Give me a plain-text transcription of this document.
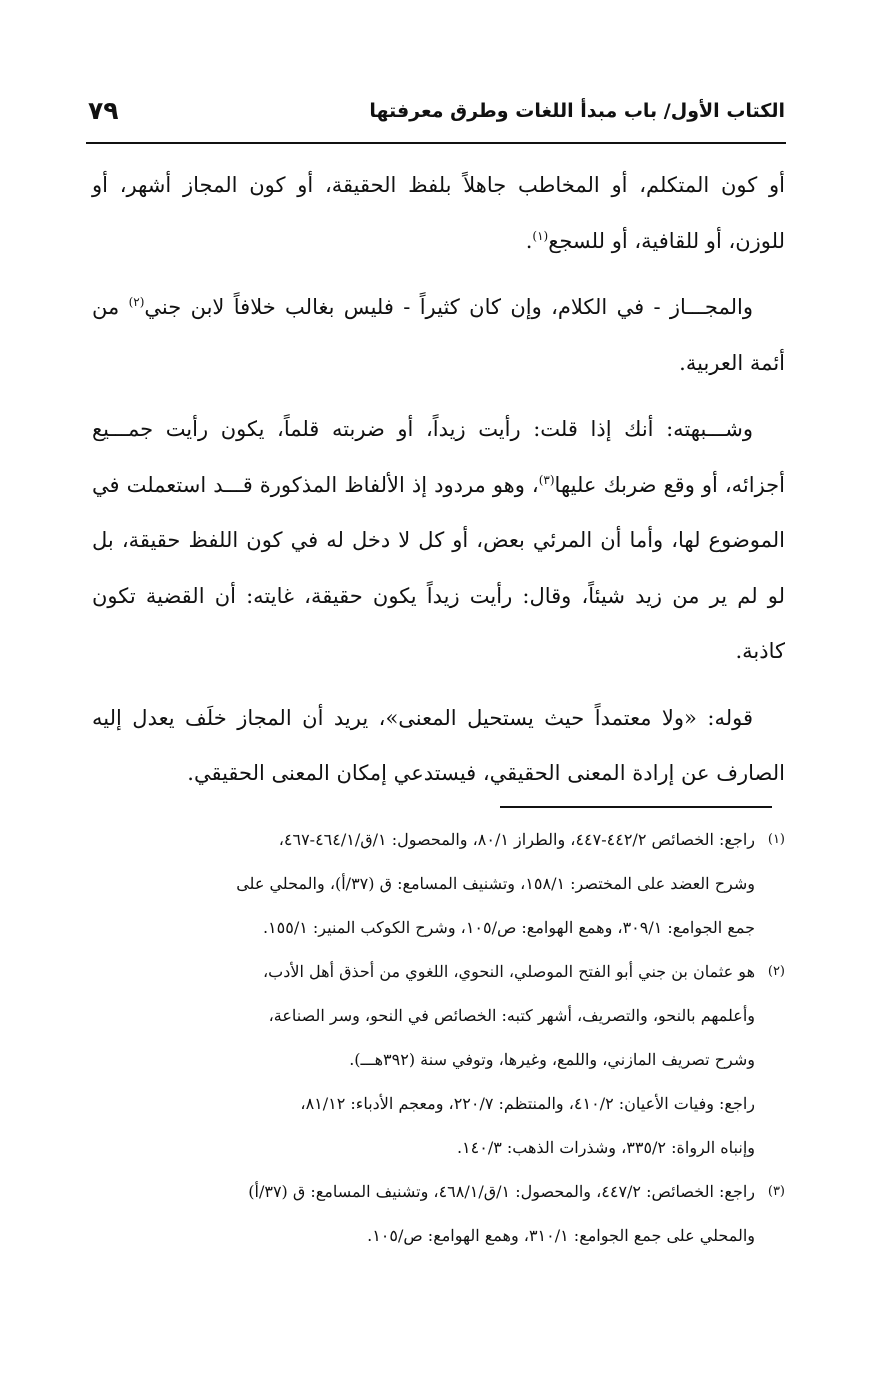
الكتاب الأول/ باب مبدأ اللغات وطرق معرفتها
٧٩

أو كون المتكلم، أو المخاطب جاهلاً بلفظ الحقيقة، أو كون المجاز أشهر، أو للوزن، أو للقافية، أو للسجع$^{(١)}$.

والمجـــاز - في الكلام، وإن كان كثيراً - فليس بغالب خلافاً لابن جني$^{(٢)}$ من أئمة العربية.

وشـــبهته: أنك إذا قلت: رأيت زيداً، أو ضربته قلماً، يكون رأيت جمـــيع أجزائه، أو وقع ضربك عليها$^{(٣)}$، وهو مردود إذ الألفاظ المذكورة قـــد استعملت في الموضوع لها، وأما أن المرئي بعض، أو كل لا دخل له في كون اللفظ حقيقة، بل لو لم ير من زيد شيئاً، وقال: رأيت زيداً يكون حقيقة، غايته: أن القضية تكون كاذبة.

قوله: «ولا معتمداً حيث يستحيل المعنى»، يريد أن المجاز خلَف يعدل إليه الصارف عن إرادة المعنى الحقيقي، فيستدعي إمكان المعنى الحقيقي.

(١)

راجع: الخصائص ٤٤٢/٢-٤٤٧، والطراز ٨٠/١، والمحصول: ١/ق/٤٦٤/١-٤٦٧،

وشرح العضد على المختصر: ١٥٨/١، وتشنيف المسامع: ق (٣٧/أ)، والمحلي على

جمع الجوامع: ٣٠٩/١، وهمع الهوامع: ص/١٠٥، وشرح الكوكب المنير: ١٥٥/١.

(٢)

هو عثمان بن جني أبو الفتح الموصلي، النحوي، اللغوي من أحذق أهل الأدب،

وأعلمهم بالنحو، والتصريف، أشهر كتبه: الخصائص في النحو، وسر الصناعة،

وشرح تصريف المازني، واللمع، وغيرها، وتوفي سنة (٣٩٢هـــ).

راجع: وفيات الأعيان: ٤١٠/٢، والمنتظم: ٢٢٠/٧، ومعجم الأدباء: ٨١/١٢،

وإنباه الرواة: ٣٣٥/٢، وشذرات الذهب: ١٤٠/٣.

(٣)

راجع: الخصائص: ٤٤٧/٢، والمحصول: ١/ق/٤٦٨/١، وتشنيف المسامع: ق (٣٧/أ)

والمحلي على جمع الجوامع: ٣١٠/١، وهمع الهوامع: ص/١٠٥.
